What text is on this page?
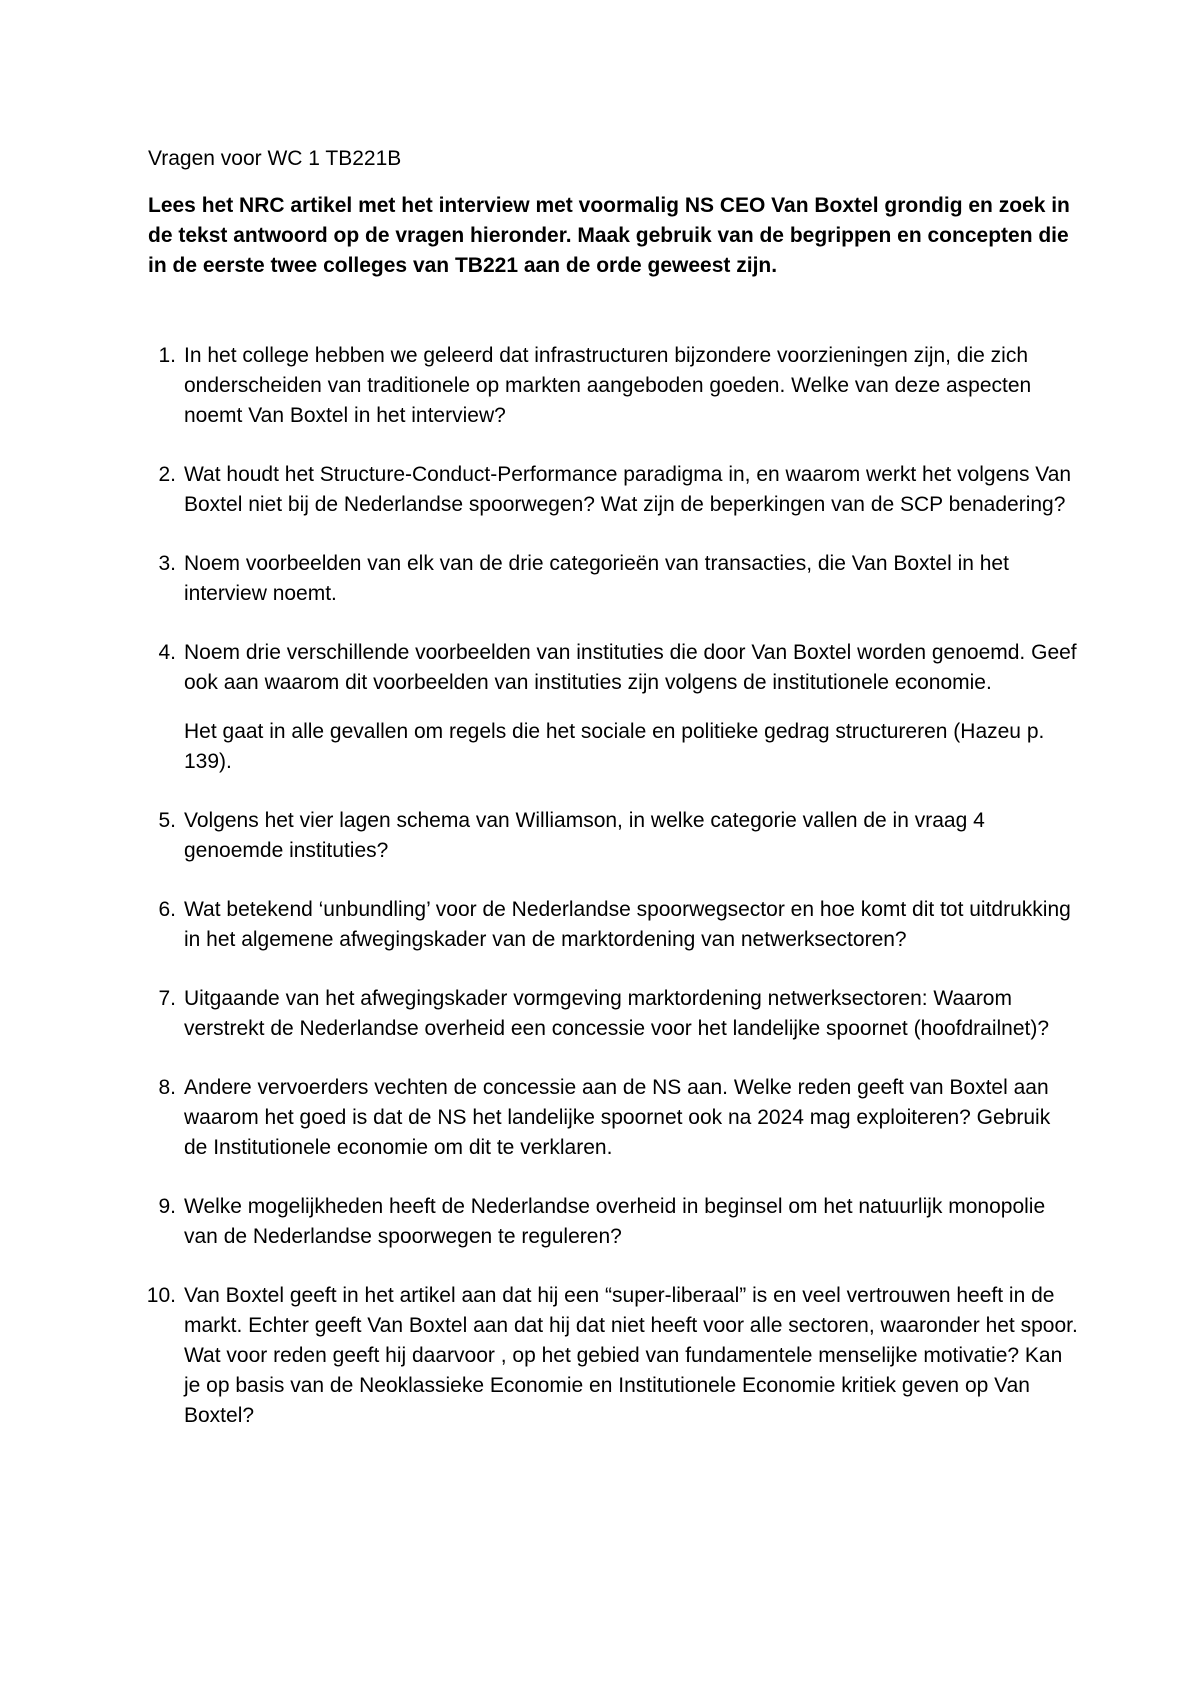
Vragen voor WC 1 TB221B
Lees het NRC artikel met het interview met voormalig NS CEO Van Boxtel grondig en zoek in de tekst antwoord op de vragen hieronder. Maak gebruik van de begrippen en concepten die in de eerste twee colleges van TB221 aan de orde geweest zijn.
1. In het college hebben we geleerd dat infrastructuren bijzondere voorzieningen zijn, die zich onderscheiden van traditionele op markten aangeboden goeden. Welke van deze aspecten noemt Van Boxtel in het interview?
2. Wat houdt het Structure-Conduct-Performance paradigma in, en waarom werkt het volgens Van Boxtel niet bij de Nederlandse spoorwegen? Wat zijn de beperkingen van de SCP benadering?
3. Noem voorbeelden van elk van de drie categorieën van transacties, die Van Boxtel in het interview noemt.
4. Noem drie verschillende voorbeelden van instituties die door Van Boxtel worden genoemd. Geef ook aan waarom dit voorbeelden van instituties zijn volgens de institutionele economie.
Het gaat in alle gevallen om regels die het sociale en politieke gedrag structureren (Hazeu p. 139).
5. Volgens het vier lagen schema van Williamson, in welke categorie vallen de in vraag 4 genoemde instituties?
6. Wat betekend ‘unbundling’ voor de Nederlandse spoorwegsector en hoe komt dit tot uitdrukking in het algemene afwegingskader van de marktordening van netwerksectoren?
7. Uitgaande van het afwegingskader vormgeving marktordening netwerksectoren: Waarom verstrekt de Nederlandse overheid een concessie voor het landelijke spoornet (hoofdrailnet)?
8. Andere vervoerders vechten de concessie aan de NS aan. Welke reden geeft van Boxtel aan waarom het goed is dat de NS het landelijke spoornet ook na 2024 mag exploiteren? Gebruik de Institutionele economie om dit te verklaren.
9. Welke mogelijkheden heeft de Nederlandse overheid in beginsel om het natuurlijk monopolie van de Nederlandse spoorwegen te reguleren?
10. Van Boxtel geeft in het artikel aan dat hij een “super-liberaal” is en veel vertrouwen heeft in de markt. Echter geeft Van Boxtel aan dat hij dat niet heeft voor alle sectoren, waaronder het spoor. Wat voor reden geeft hij daarvoor , op het gebied van fundamentele menselijke motivatie? Kan je op basis van de Neoklassieke Economie en Institutionele Economie kritiek geven op Van Boxtel?
